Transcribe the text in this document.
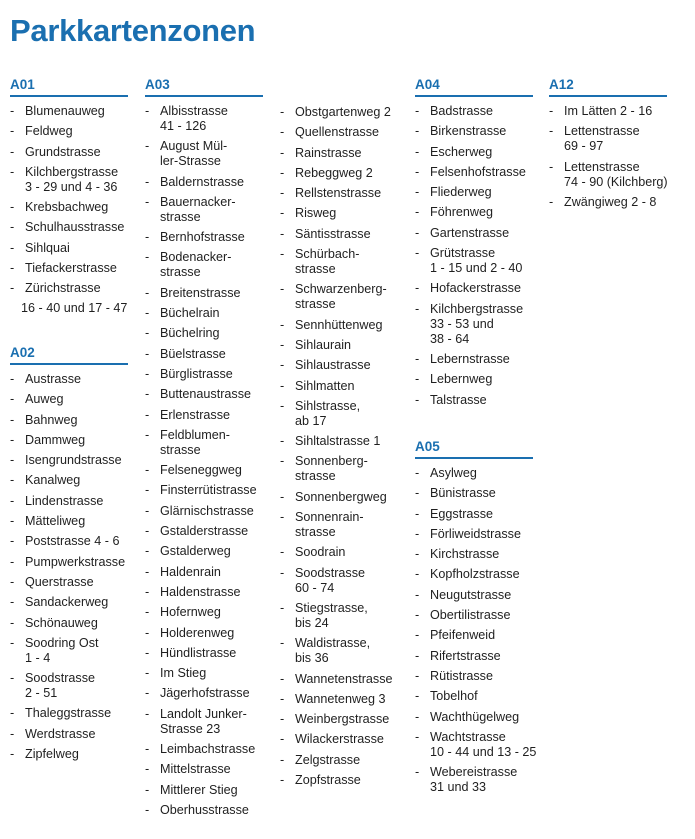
Parkkartenzonen
A01
- Blumenauweg
- Feldweg
- Grundstrasse
- Kilchbergstrasse
3 - 29 und 4 - 36
- Krebsbachweg
- Schulhausstrasse
- Sihlquai
- Tiefackerstrasse
- Zürichstrasse
16 - 40 und 17 - 47
A02
- Austrasse
- Auweg
- Bahnweg
- Dammweg
- Isengrundstrasse
- Kanalweg
- Lindenstrasse
- Mätteliweg
- Poststrasse 4 - 6
- Pumpwerkstrasse
- Querstrasse
- Sandackerweg
- Schönauweg
- Soodring Ost
1 - 4
- Soodstrasse
2 - 51
- Thaleggstrasse
- Werdstrasse
- Zipfelweg
A03
- Albisstrasse
41 - 126
- August Mül-
ler-Strasse
- Baldernstrasse
- Bauernacker-
strasse
- Bernhofstrasse
- Bodenacker-
strasse
- Breitenstrasse
- Büchelrain
- Büchelring
- Büelstrasse
- Bürglistrasse
- Buttenaustrasse
- Erlenstrasse
- Feldblumen-
strasse
- Felseneggweg
- Finsterrütistrasse
- Glärnischstrasse
- Gstalderstrasse
- Gstalderweg
- Haldenrain
- Haldenstrasse
- Hofernweg
- Holderenweg
- Hündlistrasse
- Im Stieg
- Jägerhofstrasse
- Landolt Junker-
Strasse 23
- Leimbachstrasse
- Mittelstrasse
- Mittlerer Stieg
- Oberhusstrasse
- Obstgartenweg 2
- Quellenstrasse
- Rainstrasse
- Rebeggweg 2
- Rellstenstrasse
- Risweg
- Säntisstrasse
- Schürbach-
strasse
- Schwarzenberg-
strasse
- Sennhüttenweg
- Sihlaurain
- Sihlaustrasse
- Sihlmatten
- Sihlstrasse,
ab 17
- Sihltalstrasse 1
- Sonnenberg-
strasse
- Sonnenbergweg
- Sonnenrain-
strasse
- Soodrain
- Soodstrasse
60 - 74
- Stiegstrasse,
bis 24
- Waldistrasse,
bis 36
- Wannetenstrasse
- Wannetenweg 3
- Weinbergstrasse
- Wilackerstrasse
- Zelgstrasse
- Zopfstrasse
A04
- Badstrasse
- Birkenstrasse
- Escherweg
- Felsenhofstrasse
- Fliederweg
- Föhrenweg
- Gartenstrasse
- Grütstrasse
1 - 15 und 2 - 40
- Hofackerstrasse
- Kilchbergstrasse
33 - 53 und
38 - 64
- Lebernstrasse
- Lebernweg
- Talstrasse
A05
- Asylweg
- Bünistrasse
- Eggstrasse
- Förliweidstrasse
- Kirchstrasse
- Kopfholzstrasse
- Neugutstrasse
- Obertilistrasse
- Pfeifenweid
- Rifertstrasse
- Rütistrasse
- Tobelhof
- Wachthügelweg
- Wachtstrasse
10 - 44 und 13 - 25
- Webereistrasse
31 und 33
A12
- Im Lätten 2 - 16
- Lettenstrasse
69 - 97
- Lettenstrasse
74 - 90 (Kilchberg)
- Zwängiweg 2 - 8
